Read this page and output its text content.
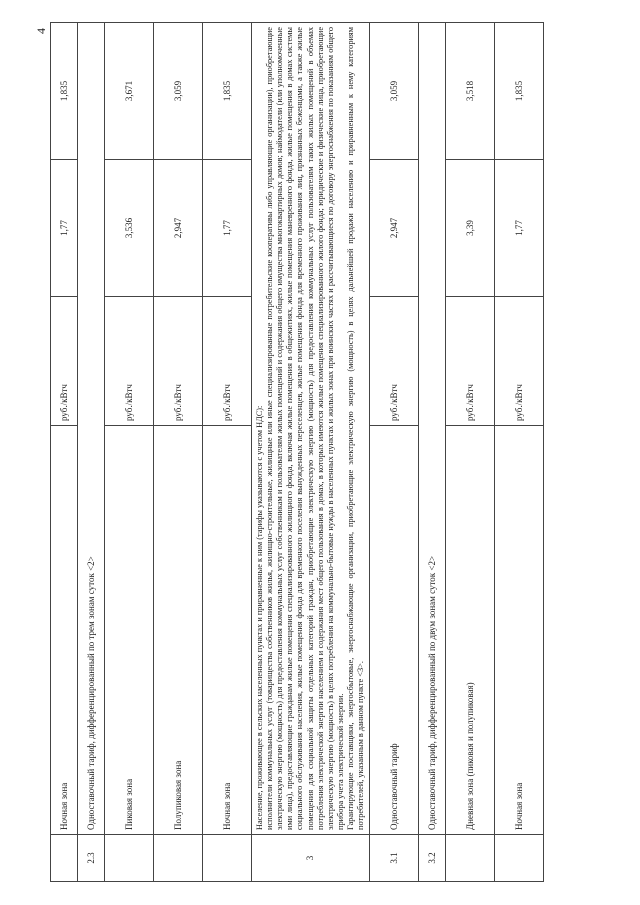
4
	Ночная зона	руб./кВтч	1,77	1,835
2.3	Одноставочный тариф, дифференцированный по трем зонам суток <2>			
	Пиковая зона	руб./кВтч	3,536	3,671
	Полупиковая зона	руб./кВтч	2,947	3,059
	Ночная зона	руб./кВтч	1,77	1,835
3	Население, проживающее в сельских населенных пунктах и приравненные к ним (тарифы указываются с учетом НДС): исполнители коммунальных услуг (товарищества собственников жилья, жилищно-строительные, жилищные или иные специализированные потребительские кооперативы либо управляющие организации), приобретающие электрическую энергию (мощность) для предоставления коммунальных услуг собственникам и пользователям жилых помещений и содержания общего имущества многоквартирных домов; наймодатели (или уполномоченные ими лица), предоставляющие гражданам жилые помещения специализированного жилищного фонда, включая жилые помещения в общежитиях, жилые помещения маневренного фонда, жилые помещения в домах системы социального обслуживания населения, жилые помещения фонда для временного поселения вынужденных переселенцев, жилые помещения фонда для временного проживания лиц, признанных беженцами, а также жилые помещения для социальной защиты отдельных категорий граждан, приобретающие электрическую энергию (мощность) для предоставления коммунальных услуг пользователям таких жилых помещений в объемах потребления электрической энергии населением и содержания мест общего пользования в домах, в которых имеются жилые помещения специализированного жилого фонда; юридические и физические лица, приобретающие электрическую энергию (мощность) в целях потребления на коммунально-бытовые нужды в населенных пунктах и жилых зонах при воинских частях и рассчитывающиеся по договору энергоснабжения по показаниям общего прибора учета электрической энергии. Гарантирующие поставщики, энергосбытовые, энергоснабжающие организации, приобретающие электрическую энергию (мощность) в целях дальнейшей продажи населению и приравненным к нему категориям потребителей, указанным в данном пункте <3>.			

3.1	Одноставочный тариф	руб./кВтч	2,947	3,059
3.2	Одноставочный тариф, дифференцированный по двум зонам суток <2>			
	Дневная зона (пиковая и полупиковая)	руб./кВтч	3,39	3,518
	Ночная зона	руб./кВтч	1,77	1,835
